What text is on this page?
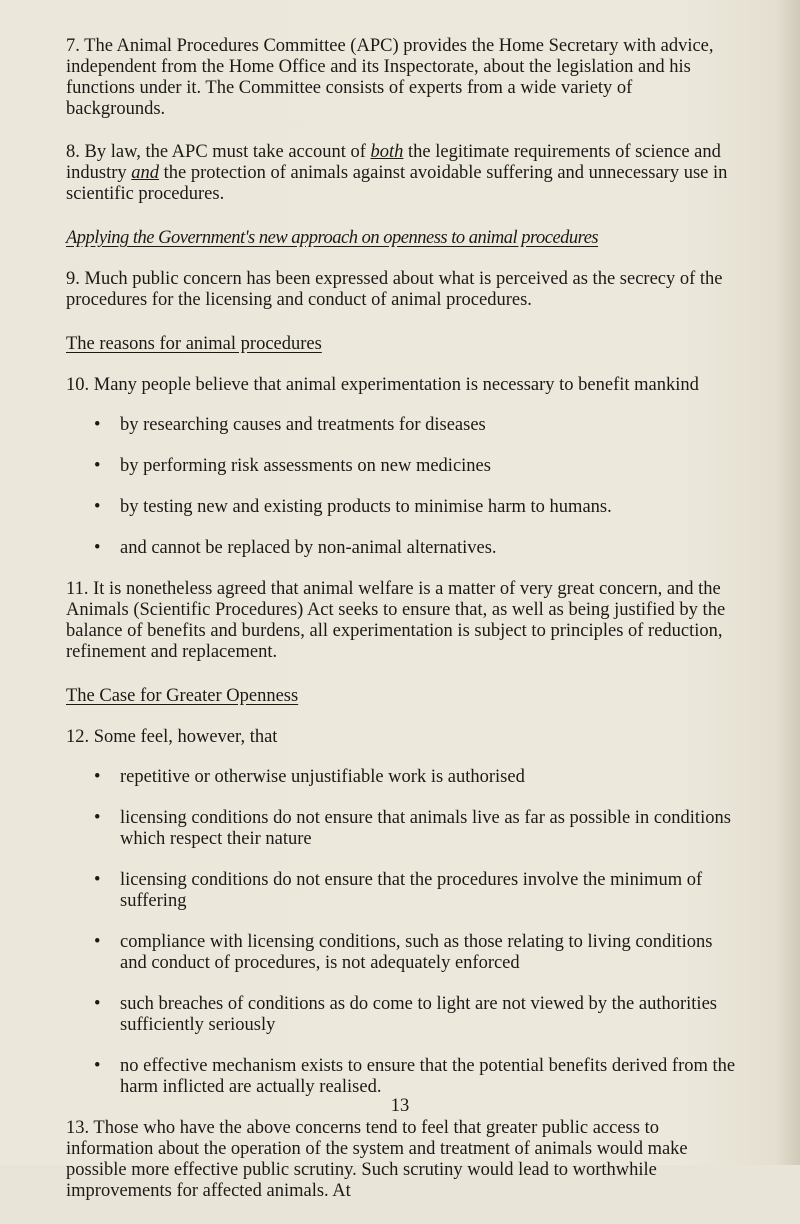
7. The Animal Procedures Committee (APC) provides the Home Secretary with advice, independent from the Home Office and its Inspectorate, about the legislation and his functions under it. The Committee consists of experts from a wide variety of backgrounds.

8. By law, the APC must take account of both the legitimate requirements of science and industry and the protection of animals against avoidable suffering and unnecessary use in scientific procedures.

Applying the Government's new approach on openness to animal procedures

9. Much public concern has been expressed about what is perceived as the secrecy of the procedures for the licensing and conduct of animal procedures.

The reasons for animal procedures

10. Many people believe that animal experimentation is necessary to benefit mankind

• by researching causes and treatments for diseases
• by performing risk assessments on new medicines
• by testing new and existing products to minimise harm to humans.
• and cannot be replaced by non-animal alternatives.

11. It is nonetheless agreed that animal welfare is a matter of very great concern, and the Animals (Scientific Procedures) Act seeks to ensure that, as well as being justified by the balance of benefits and burdens, all experimentation is subject to principles of reduction, refinement and replacement.

The Case for Greater Openness

12. Some feel, however, that

• repetitive or otherwise unjustifiable work is authorised
• licensing conditions do not ensure that animals live as far as possible in conditions which respect their nature
• licensing conditions do not ensure that the procedures involve the minimum of suffering
• compliance with licensing conditions, such as those relating to living conditions and conduct of procedures, is not adequately enforced
• such breaches of conditions as do come to light are not viewed by the authorities sufficiently seriously
• no effective mechanism exists to ensure that the potential benefits derived from the harm inflicted are actually realised.

13. Those who have the above concerns tend to feel that greater public access to information about the operation of the system and treatment of animals would make possible more effective public scrutiny. Such scrutiny would lead to worthwhile improvements for affected animals. At

13
